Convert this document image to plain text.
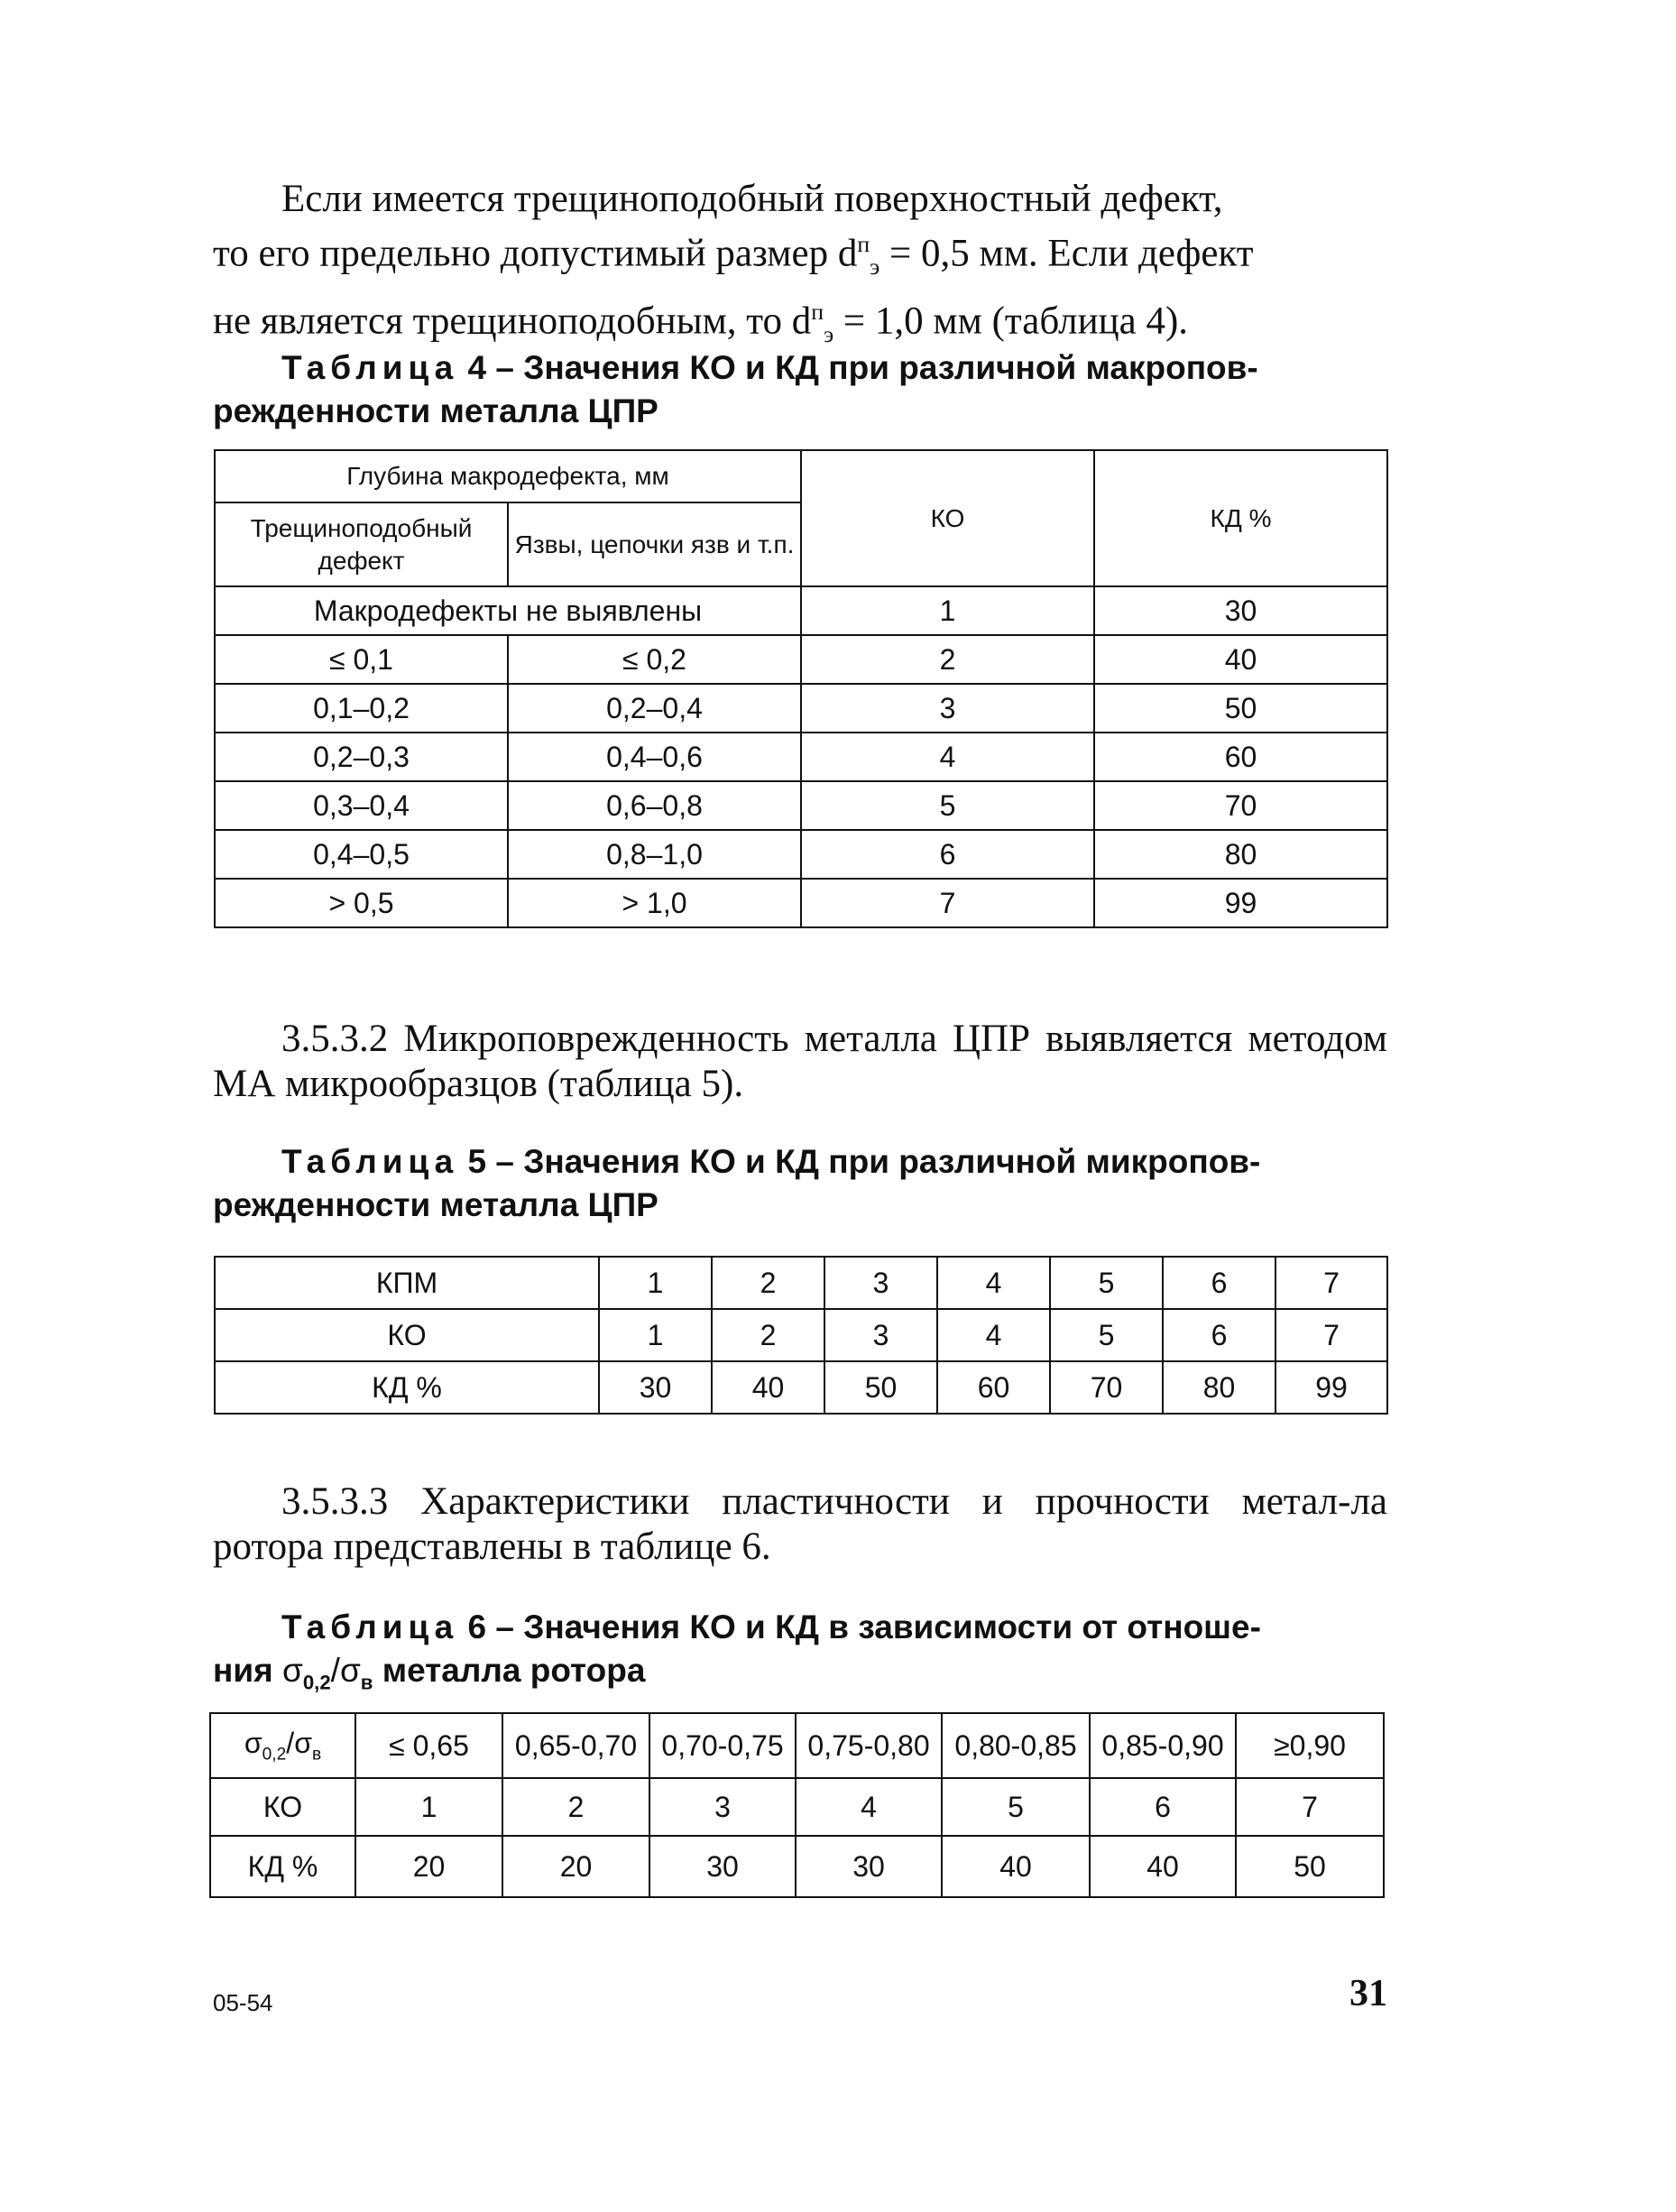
Если имеется трещиноподобный поверхностный дефект,

то его предельно допустимый размер $d^п_э = 0,5$ мм. Если дефект

не является трещиноподобным, то $d^п_э = 1,0$ мм (таблица 4).

Таблица 4 – Значения КО и КД при различной макропов-

режденности металла ЦПР

Глубина макродефекта, мм		КО	КД %
Трещиноподобный дефект	Язвы, цепочки язв и т.п.		
Макродефекты не выявлены		1	30
≤ 0,1	≤ 0,2	2	40
0,1–0,2	0,2–0,4	3	50
0,2–0,3	0,4–0,6	4	60
0,3–0,4	0,6–0,8	5	70
0,4–0,5	0,8–1,0	6	80
> 0,5	> 1,0	7	99

3.5.3.2 Микроповрежденность металла ЦПР выявляется методом МА микрообразцов (таблица 5).

Таблица 5 – Значения КО и КД при различной микропов-

режденности металла ЦПР

КПМ	1	2	3	4	5	6	7
КО	1	2	3	4	5	6	7
КД %	30	40	50	60	70	80	99

3.5.3.3 Характеристики пластичности и прочности метал-ла ротора представлены в таблице 6.

Таблица 6 – Значения КО и КД в зависимости от отноше-

ния $\sigma_{0,2}/\sigma_в$ металла ротора

$\sigma_{0,2}/\sigma_в$	≤ 0,65	0,65-0,70	0,70-0,75	0,75-0,80	0,80-0,85	0,85-0,90	≥0,90
КО	1	2	3	4	5	6	7
КД %	20	20	30	30	40	40	50
05-54	31
